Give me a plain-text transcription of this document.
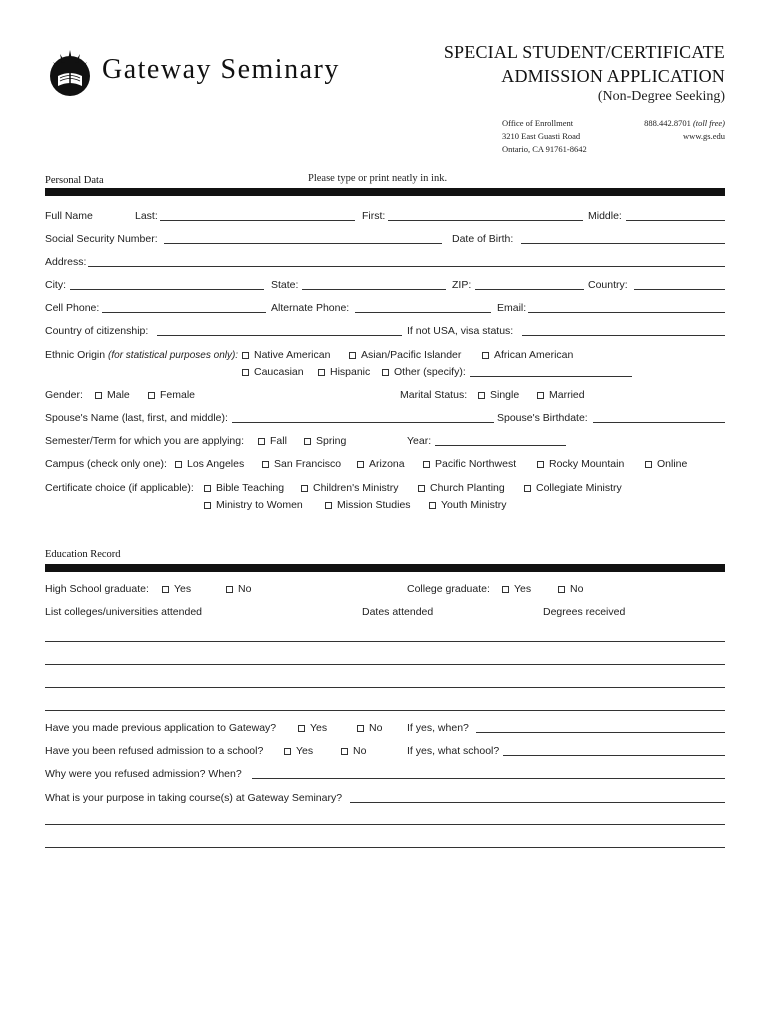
Gateway Seminary
SPECIAL STUDENT/CERTIFICATE
ADMISSION APPLICATION
(Non-Degree Seeking)
Office of Enrollment
3210 East Guasti Road
Ontario, CA 91761-8642
888.442.8701 (toll free)
www.gs.edu
Personal Data	Please type or print neatly in ink.
Full Name	Last:	First:	Middle:
Social Security Number:	Date of Birth:
Address:
City:	State:	ZIP:	Country:
Cell Phone:	Alternate Phone:	Email:
Country of citizenship:	If not USA, visa status:
Ethnic Origin (for statistical purposes only): Native American	Asian/Pacific Islander	African American
Caucasian	Hispanic Other (specify):
Gender: Male	Female	Marital Status: Single	Married
Spouse's Name (last, first, and middle):	Spouse's Birthdate:
Semester/Term for which you are applying: Fall	Spring	Year:
Campus (check only one): Los Angeles	San Francisco	Arizona	Pacific Northwest	Rocky Mountain	Online
Certificate choice (if applicable): Bible Teaching	Children's Ministry	Church Planting	Collegiate Ministry
Ministry to Women	Mission Studies	Youth Ministry
Education Record
High School graduate: Yes	No	College graduate: Yes	No
List colleges/universities attended	Dates attended	Degrees received
Have you made previous application to Gateway?	Yes	No If yes, when?
Have you been refused admission to a school?	Yes	No	If yes, what school?
Why were you refused admission? When?
What is your purpose in taking course(s) at Gateway Seminary?
